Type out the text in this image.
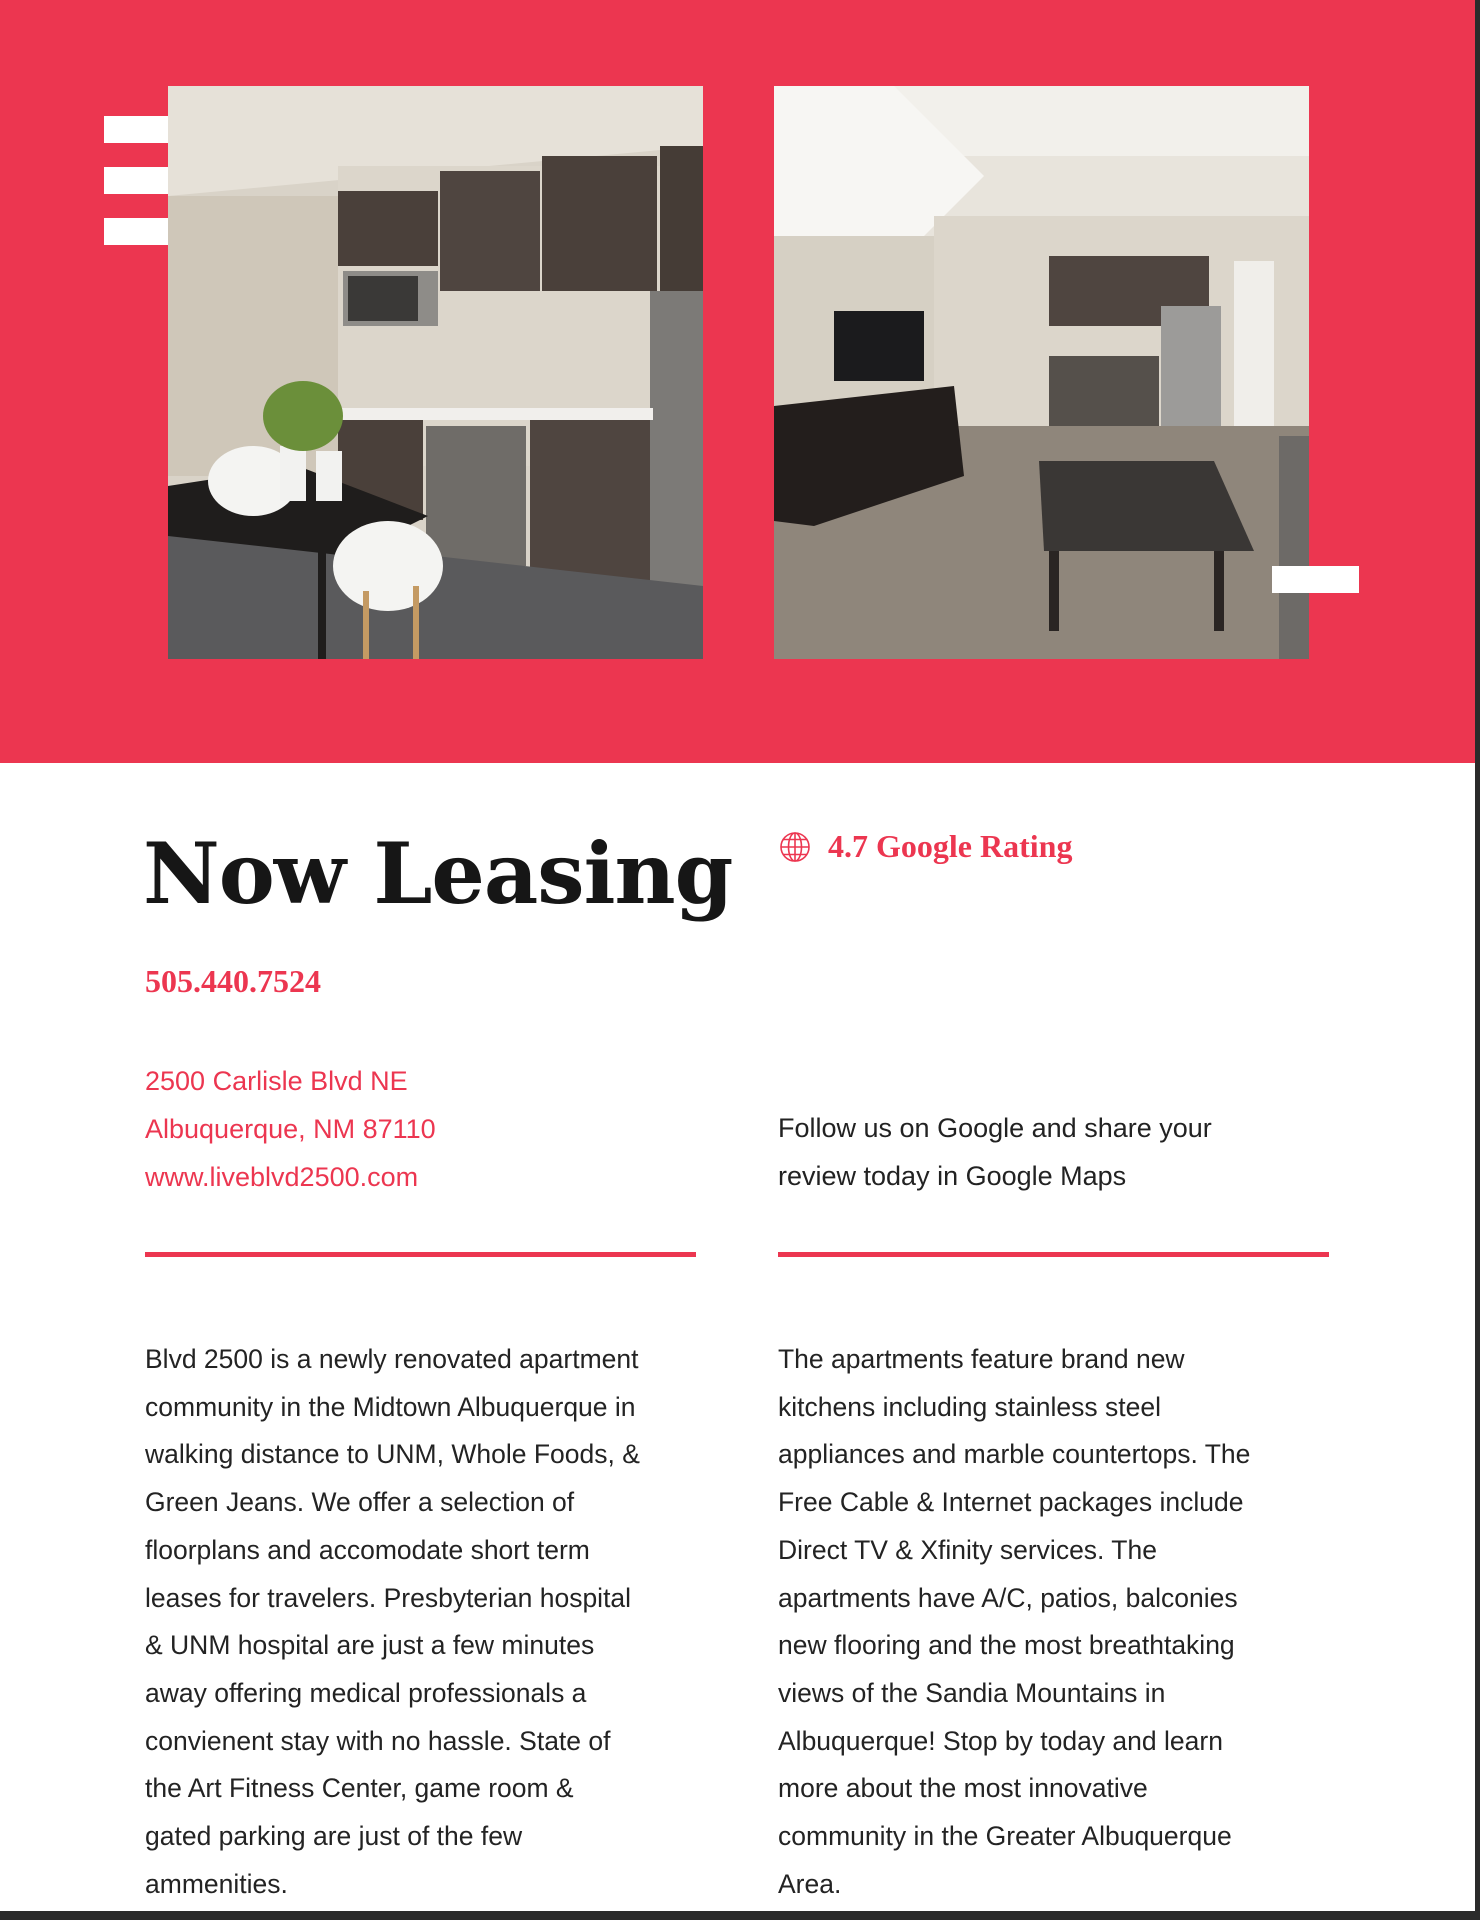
Now Leasing
505.440.7524
4.7 Google Rating
2500 Carlisle Blvd NE
Albuquerque, NM 87110
www.liveblvd2500.com
Follow us on Google and share your
review today in Google Maps
Blvd 2500 is a newly renovated apartment
community in the Midtown Albuquerque in
walking distance to UNM, Whole Foods, &
Green Jeans. We offer a selection of
floorplans and accomodate short term
leases for travelers. Presbyterian hospital
& UNM hospital are just a few minutes
away offering medical professionals a
convienent stay with no hassle. State of
the Art Fitness Center, game room &
gated parking are just of the few
ammenities.
The apartments feature brand new
kitchens including stainless steel
appliances and marble countertops. The
Free Cable & Internet packages include
Direct TV & Xfinity services. The
apartments have A/C, patios, balconies
new flooring and the most breathtaking
views of the Sandia Mountains in
Albuquerque! Stop by today and learn
more about the most innovative
community in the Greater Albuquerque
Area.
